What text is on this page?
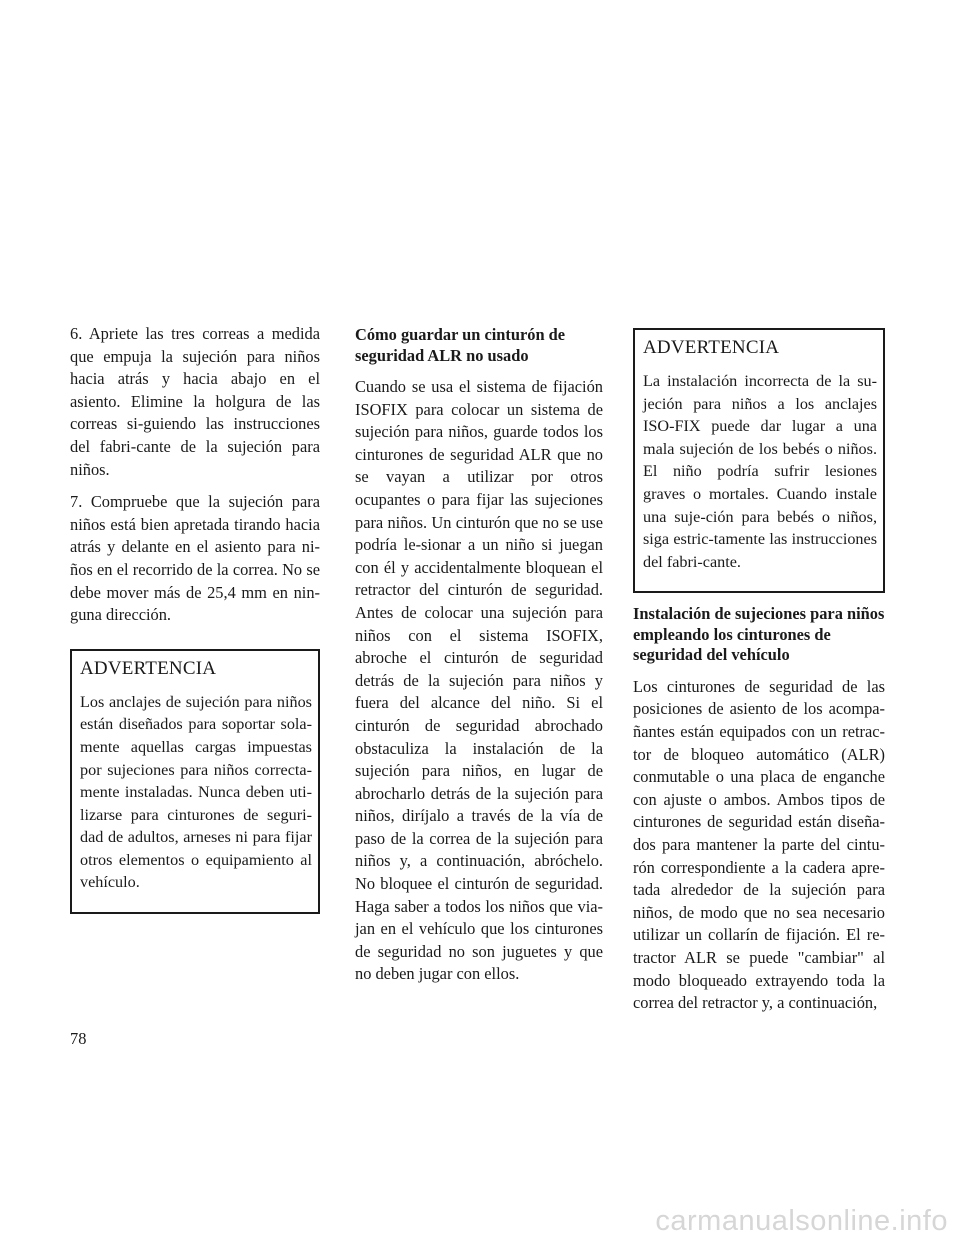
6. Apriete las tres correas a medida que empuja la sujeción para niños hacia atrás y hacia abajo en el asiento. Elimine la holgura de las correas si-guiendo las instrucciones del fabri-cante de la sujeción para niños.

7. Compruebe que la sujeción para niños está bien apretada tirando hacia atrás y delante en el asiento para ni-ños en el recorrido de la correa. No se debe mover más de 25,4 mm en nin-guna dirección.

ADVERTENCIA

Los anclajes de sujeción para niños están diseñados para soportar sola-mente aquellas cargas impuestas por sujeciones para niños correcta-mente instaladas. Nunca deben uti-lizarse para cinturones de seguri-dad de adultos, arneses ni para fijar otros elementos o equipamiento al vehículo.

Cómo guardar un cinturón de seguridad ALR no usado

Cuando se usa el sistema de fijación ISOFIX para colocar un sistema de sujeción para niños, guarde todos los cinturones de seguridad ALR que no se vayan a utilizar por otros ocupantes o para fijar las sujeciones para niños. Un cinturón que no se use podría le-sionar a un niño si juegan con él y accidentalmente bloquean el retractor del cinturón de seguridad. Antes de colocar una sujeción para niños con el sistema ISOFIX, abroche el cinturón de seguridad detrás de la sujeción para niños y fuera del alcance del niño. Si el cinturón de seguridad abrochado obstaculiza la instalación de la sujeción para niños, en lugar de abrocharlo detrás de la sujeción para niños, diríjalo a través de la vía de paso de la correa de la sujeción para niños y, a continuación, abróchelo. No bloquee el cinturón de seguridad. Haga saber a todos los niños que via-jan en el vehículo que los cinturones de seguridad no son juguetes y que no deben jugar con ellos.

ADVERTENCIA

La instalación incorrecta de la su-jeción para niños a los anclajes ISO-FIX puede dar lugar a una mala sujeción de los bebés o niños. El niño podría sufrir lesiones graves o mortales. Cuando instale una suje-ción para bebés o niños, siga estric-tamente las instrucciones del fabri-cante.

Instalación de sujeciones para niños empleando los cinturones de seguridad del vehículo

Los cinturones de seguridad de las posiciones de asiento de los acompa-ñantes están equipados con un retrac-tor de bloqueo automático (ALR) conmutable o una placa de enganche con ajuste o ambos. Ambos tipos de cinturones de seguridad están diseña-dos para mantener la parte del cintu-rón correspondiente a la cadera apre-tada alrededor de la sujeción para niños, de modo que no sea necesario utilizar un collarín de fijación. El re-tractor ALR se puede "cambiar" al modo bloqueado extrayendo toda la correa del retractor y, a continuación,

78
carmanualsonline.info
